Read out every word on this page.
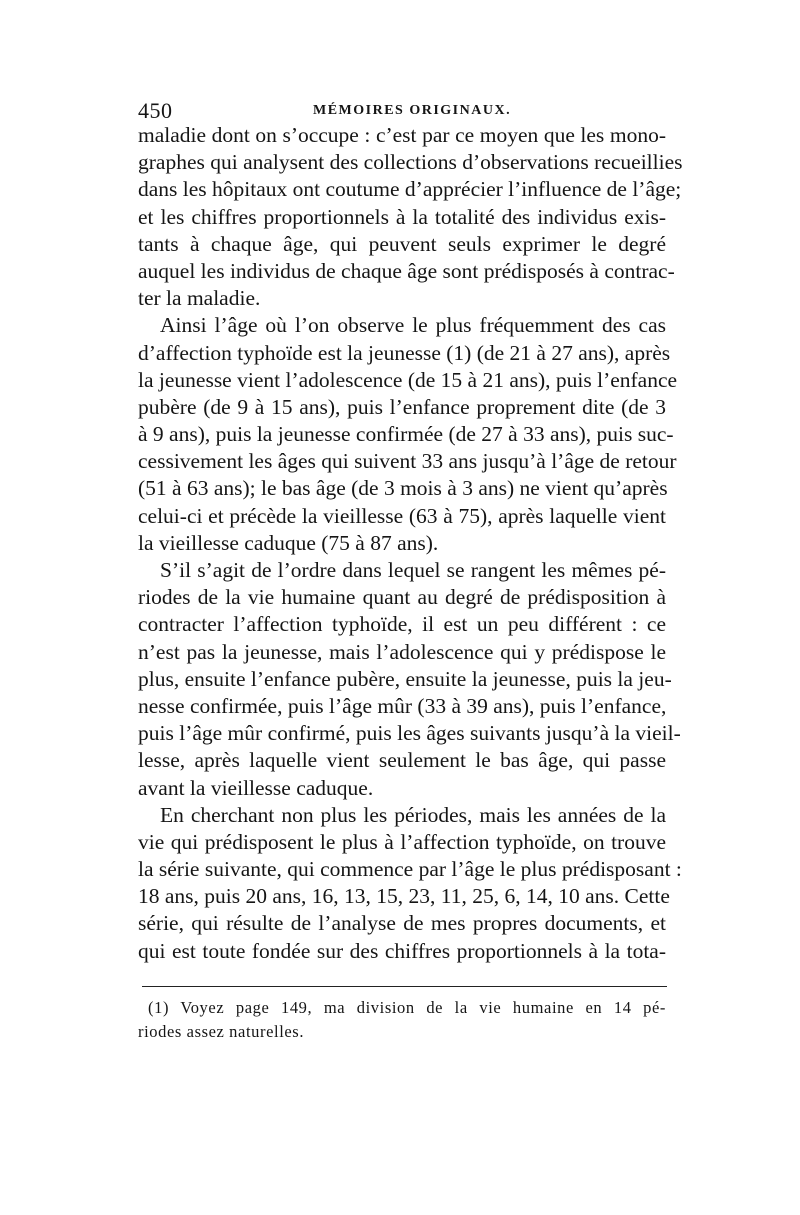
450	MÉMOIRES ORIGINAUX.
maladie dont on s’occupe : c’est par ce moyen que les mono-
graphes qui analysent des collections d’observations recueillies
dans les hôpitaux ont coutume d’apprécier l’influence de l’âge;
et les chiffres proportionnels à la totalité des individus exis-
tants à chaque âge, qui peuvent seuls exprimer le degré
auquel les individus de chaque âge sont prédisposés à contrac-
ter la maladie.
Ainsi l’âge où l’on observe le plus fréquemment des cas
d’affection typhoïde est la jeunesse (1) (de 21 à 27 ans), après
la jeunesse vient l’adolescence (de 15 à 21 ans), puis l’enfance
pubère (de 9 à 15 ans), puis l’enfance proprement dite (de 3
à 9 ans), puis la jeunesse confirmée (de 27 à 33 ans), puis suc-
cessivement les âges qui suivent 33 ans jusqu’à l’âge de retour
(51 à 63 ans); le bas âge (de 3 mois à 3 ans) ne vient qu’après
celui-ci et précède la vieillesse (63 à 75), après laquelle vient
la vieillesse caduque (75 à 87 ans).
S’il s’agit de l’ordre dans lequel se rangent les mêmes pé-
riodes de la vie humaine quant au degré de prédisposition à
contracter l’affection typhoïde, il est un peu différent : ce
n’est pas la jeunesse, mais l’adolescence qui y prédispose le
plus, ensuite l’enfance pubère, ensuite la jeunesse, puis la jeu-
nesse confirmée, puis l’âge mûr (33 à 39 ans), puis l’enfance,
puis l’âge mûr confirmé, puis les âges suivants jusqu’à la vieil-
lesse, après laquelle vient seulement le bas âge, qui passe
avant la vieillesse caduque.
En cherchant non plus les périodes, mais les années de la
vie qui prédisposent le plus à l’affection typhoïde, on trouve
la série suivante, qui commence par l’âge le plus prédisposant :
18 ans, puis 20 ans, 16, 13, 15, 23, 11, 25, 6, 14, 10 ans. Cette
série, qui résulte de l’analyse de mes propres documents, et
qui est toute fondée sur des chiffres proportionnels à la tota-
(1) Voyez page 149, ma division de la vie humaine en 14 pé-
riodes assez naturelles.
